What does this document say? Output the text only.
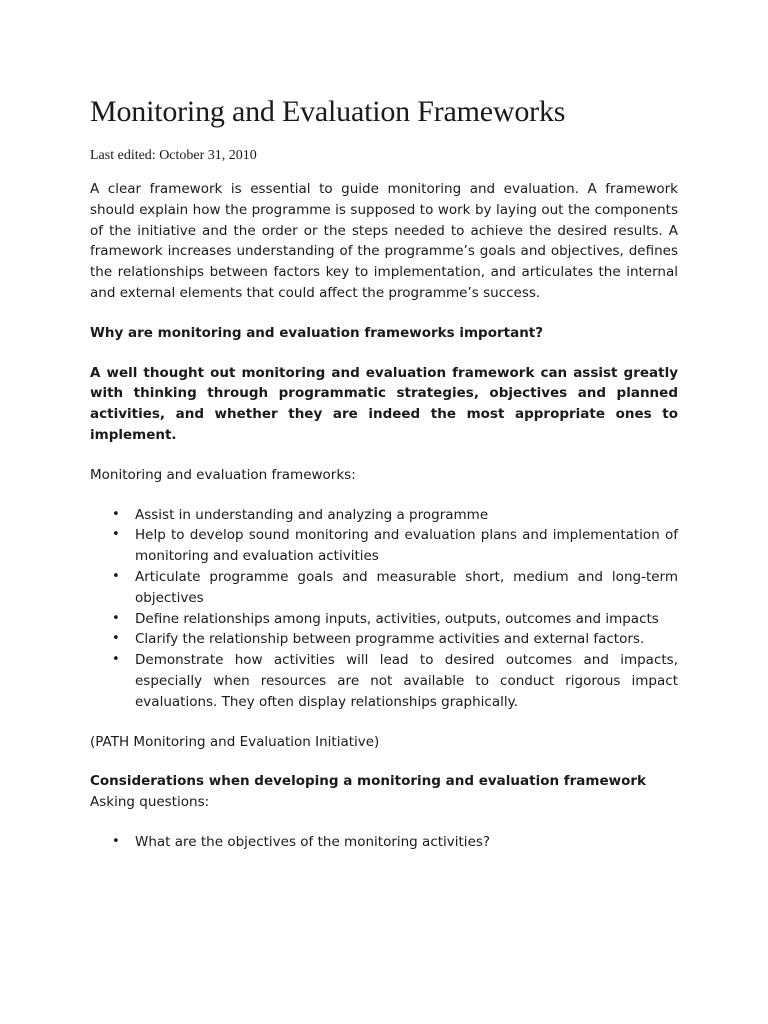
Monitoring and Evaluation Frameworks

Last edited: October 31, 2010

A clear framework is essential to guide monitoring and evaluation. A framework should explain how the programme is supposed to work by laying out the components of the initiative and the order or the steps needed to achieve the desired results. A framework increases understanding of the programme’s goals and objectives, defines the relationships between factors key to implementation, and articulates the internal and external elements that could affect the programme’s success.

Why are monitoring and evaluation frameworks important?

A well thought out monitoring and evaluation framework can assist greatly with thinking through programmatic strategies, objectives and planned activities, and whether they are indeed the most appropriate ones to implement.

Monitoring and evaluation frameworks:

• Assist in understanding and analyzing a programme
• Help to develop sound monitoring and evaluation plans and implementation of monitoring and evaluation activities
• Articulate programme goals and measurable short, medium and long-term objectives
• Define relationships among inputs, activities, outputs, outcomes and impacts
• Clarify the relationship between programme activities and external factors.
• Demonstrate how activities will lead to desired outcomes and impacts, especially when resources are not available to conduct rigorous impact evaluations. They often display relationships graphically.

(PATH Monitoring and Evaluation Initiative)

Considerations when developing a monitoring and evaluation framework

Asking questions:

• What are the objectives of the monitoring activities?
